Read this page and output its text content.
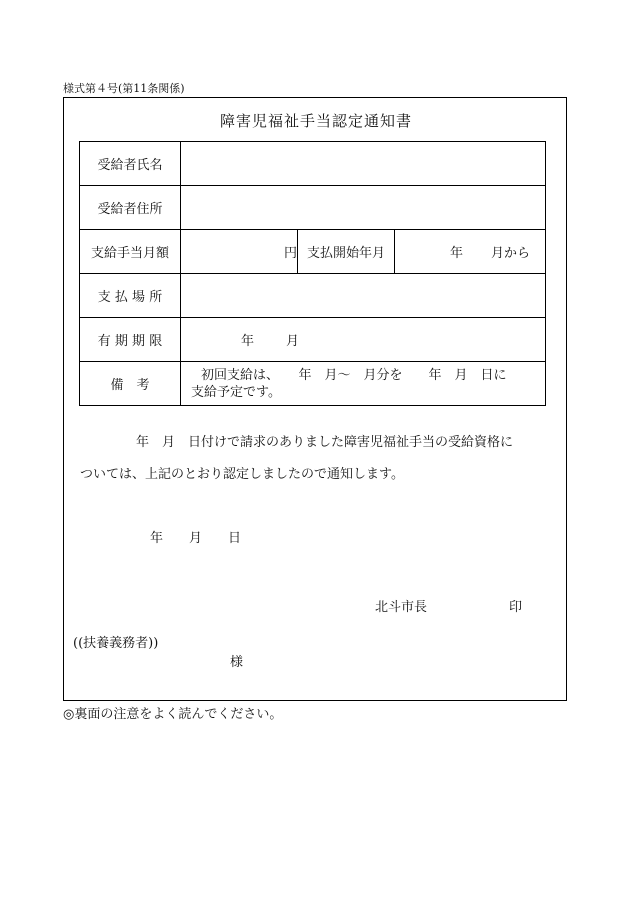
様式第４号(第11条関係)
障害児福祉手当認定通知書
受給者氏名			
受給者住所			
支給手当月額	円	支払開始年月	年 月から
支 払 場 所			
有 期 期 限	年 月		
備　考	初回支給は、　　年　月～　月分を　　年　月　日に
支給予定です。		
年　月　日付けで請求のありました障害児福祉手当の受給資格に
ついては、上記のとおり認定しましたので通知します。
年　　月　　日
北斗市長	印
((扶養義務者))
様
◎裏面の注意をよく読んでください。
